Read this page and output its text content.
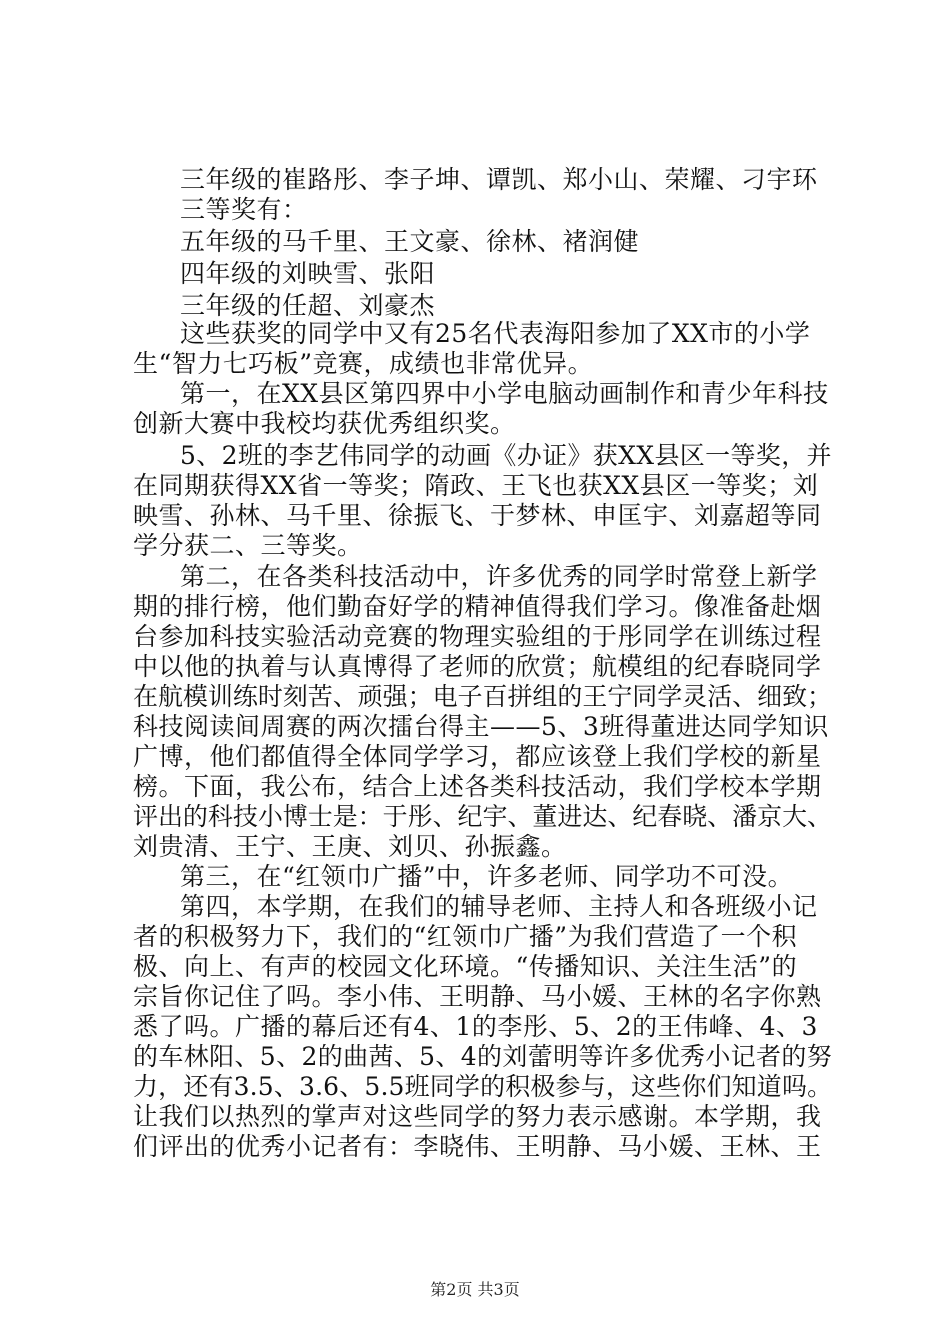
三年级的崔路彤、李子坤、谭凯、郑小山、荣耀、刁宇环
三等奖有：
五年级的马千里、王文豪、徐林、褚润健
四年级的刘映雪、张阳
三年级的任超、刘豪杰
这些获奖的同学中又有25名代表海阳参加了XX市的小学
生“智力七巧板”竞赛，成绩也非常优异。
第一，在XX县区第四界中小学电脑动画制作和青少年科技
创新大赛中我校均获优秀组织奖。
5、2班的李艺伟同学的动画《办证》获XX县区一等奖，并
在同期获得XX省一等奖；隋政、王飞也获XX县区一等奖；刘
映雪、孙林、马千里、徐振飞、于梦林、申匡宇、刘嘉超等同
学分获二、三等奖。
第二，在各类科技活动中，许多优秀的同学时常登上新学
期的排行榜，他们勤奋好学的精神值得我们学习。像准备赴烟
台参加科技实验活动竞赛的物理实验组的于彤同学在训练过程
中以他的执着与认真博得了老师的欣赏；航模组的纪春晓同学
在航模训练时刻苦、顽强；电子百拼组的王宁同学灵活、细致；
科技阅读间周赛的两次擂台得主——5、3班得董进达同学知识
广博，他们都值得全体同学学习，都应该登上我们学校的新星
榜。下面，我公布，结合上述各类科技活动，我们学校本学期
评出的科技小博士是：于彤、纪宇、董进达、纪春晓、潘京大、
刘贵清、王宁、王庚、刘贝、孙振鑫。
第三，在“红领巾广播”中，许多老师、同学功不可没。
第四，本学期，在我们的辅导老师、主持人和各班级小记
者的积极努力下，我们的“红领巾广播”为我们营造了一个积
极、向上、有声的校园文化环境。“传播知识、关注生活”的
宗旨你记住了吗。李小伟、王明静、马小媛、王林的名字你熟
悉了吗。广播的幕后还有4、1的李彤、5、2的王伟峰、4、3
的车林阳、5、2的曲茜、5、4的刘蕾明等许多优秀小记者的努
力，还有3.5、3.6、5.5班同学的积极参与，这些你们知道吗。
让我们以热烈的掌声对这些同学的努力表示感谢。本学期，我
们评出的优秀小记者有：李晓伟、王明静、马小媛、王林、王
第2页 共3页
